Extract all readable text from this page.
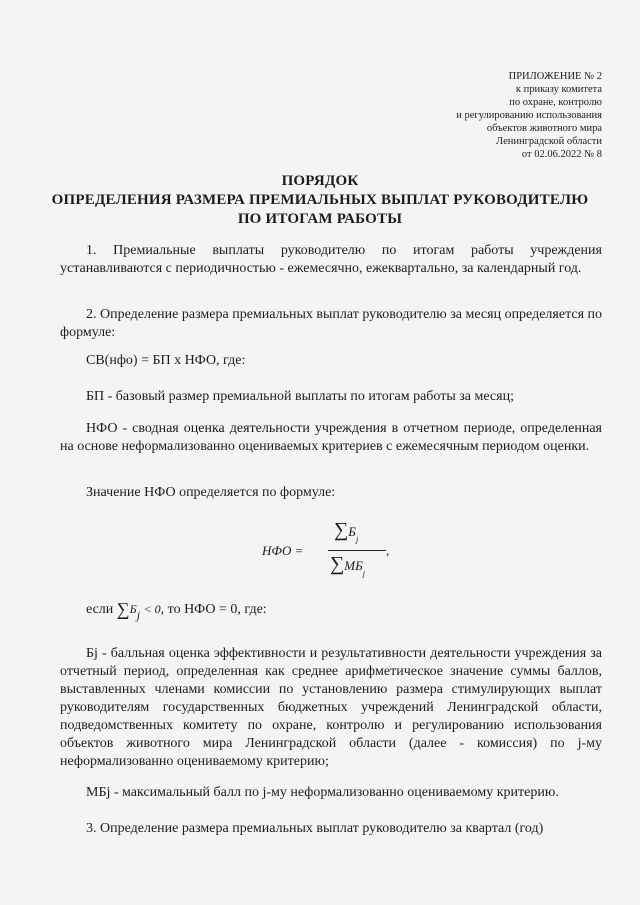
ПРИЛОЖЕНИЕ № 2
к приказу комитета
по охране, контролю
и регулированию использования
объектов животного мира
Ленинградской области
от 02.06.2022 № 8
ПОРЯДОК
ОПРЕДЕЛЕНИЯ РАЗМЕРА ПРЕМИАЛЬНЫХ ВЫПЛАТ РУКОВОДИТЕЛЮ
ПО ИТОГАМ РАБОТЫ
1. Премиальные выплаты руководителю по итогам работы учреждения устанавливаются с периодичностью - ежемесячно, ежеквартально, за календарный год.
2. Определение размера премиальных выплат руководителю за месяц определяется по формуле:
СВ(нфо) = БП х НФО, где:
БП - базовый размер премиальной выплаты по итогам работы за месяц;
НФО - сводная оценка деятельности учреждения в отчетном периоде, определенная на основе неформализованно оцениваемых критериев с ежемесячным периодом оценки.
Значение НФО определяется по формуле:
НФО =
$\sum Б_j$
$\sum МБ_j$
,
если ∑Бj < 0, то НФО = 0, где:
Бj - балльная оценка эффективности и результативности деятельности учреждения за отчетный период, определенная как среднее арифметическое значение суммы баллов, выставленных членами комиссии по установлению размера стимулирующих выплат руководителям государственных бюджетных учреждений Ленинградской области, подведомственных комитету по охране, контролю и регулированию использования объектов животного мира Ленинградской области (далее - комиссия) по j-му неформализованно оцениваемому критерию;
МБj - максимальный балл по j-му неформализованно оцениваемому критерию.
3. Определение размера премиальных выплат руководителю за квартал (год)
